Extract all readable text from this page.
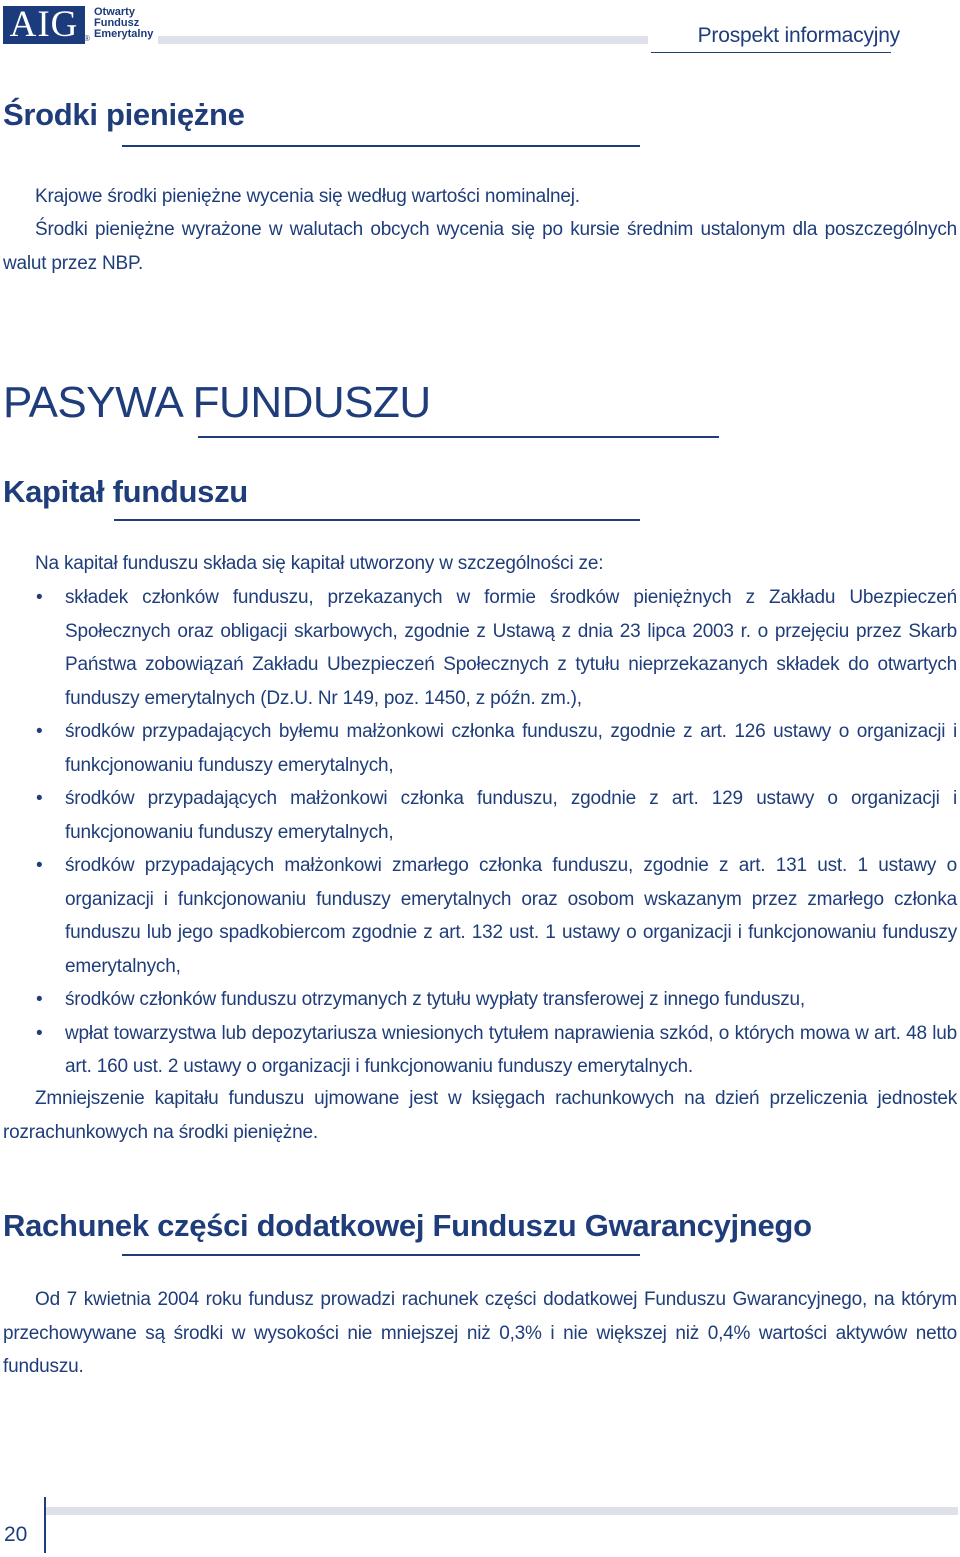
AIG ®
Otwarty
Fundusz
Emerytalny	Prospekt informacyjny
Środki pieniężne

Krajowe środki pieniężne wycenia się według wartości nominalnej.

Środki pieniężne wyrażone w walutach obcych wycenia się po kursie średnim ustalonym dla poszczególnych walut przez NBP.

PASYWA FUNDUSZU
Kapitał funduszu

Na kapitał funduszu składa się kapitał utworzony w szczególności ze:

• składek członków funduszu, przekazanych w formie środków pieniężnych z Zakładu Ubezpieczeń Społecznych oraz obligacji skarbowych, zgodnie z Ustawą z dnia 23 lipca 2003 r. o przejęciu przez Skarb Państwa zobowiązań Zakładu Ubezpieczeń Społecznych z tytułu nieprzekazanych składek do otwartych funduszy emerytalnych (Dz.U. Nr 149, poz. 1450, z późn. zm.),
• środków przypadających byłemu małżonkowi członka funduszu, zgodnie z art. 126 ustawy o organizacji i funkcjonowaniu funduszy emerytalnych,
• środków przypadających małżonkowi członka funduszu, zgodnie z art. 129 ustawy o organizacji i funkcjonowaniu funduszy emerytalnych,
• środków przypadających małżonkowi zmarłego członka funduszu, zgodnie z art. 131 ust. 1 ustawy o organizacji i funkcjonowaniu funduszy emerytalnych oraz osobom wskazanym przez zmarłego członka funduszu lub jego spadkobiercom zgodnie z art. 132 ust. 1 ustawy o organizacji i funkcjonowaniu funduszy emerytalnych,
• środków członków funduszu otrzymanych z tytułu wypłaty transferowej z innego funduszu,
• wpłat towarzystwa lub depozytariusza wniesionych tytułem naprawienia szkód, o których mowa w art. 48 lub art. 160 ust. 2 ustawy o organizacji i funkcjonowaniu funduszy emerytalnych.

Zmniejszenie kapitału funduszu ujmowane jest w księgach rachunkowych na dzień przeliczenia jednostek rozrachunkowych na środki pieniężne.

Rachunek części dodatkowej Funduszu Gwarancyjnego

Od 7 kwietnia 2004 roku fundusz prowadzi rachunek części dodatkowej Funduszu Gwarancyjnego, na którym przechowywane są środki w wysokości nie mniejszej niż 0,3% i nie większej niż 0,4% wartości aktywów netto funduszu.

20
